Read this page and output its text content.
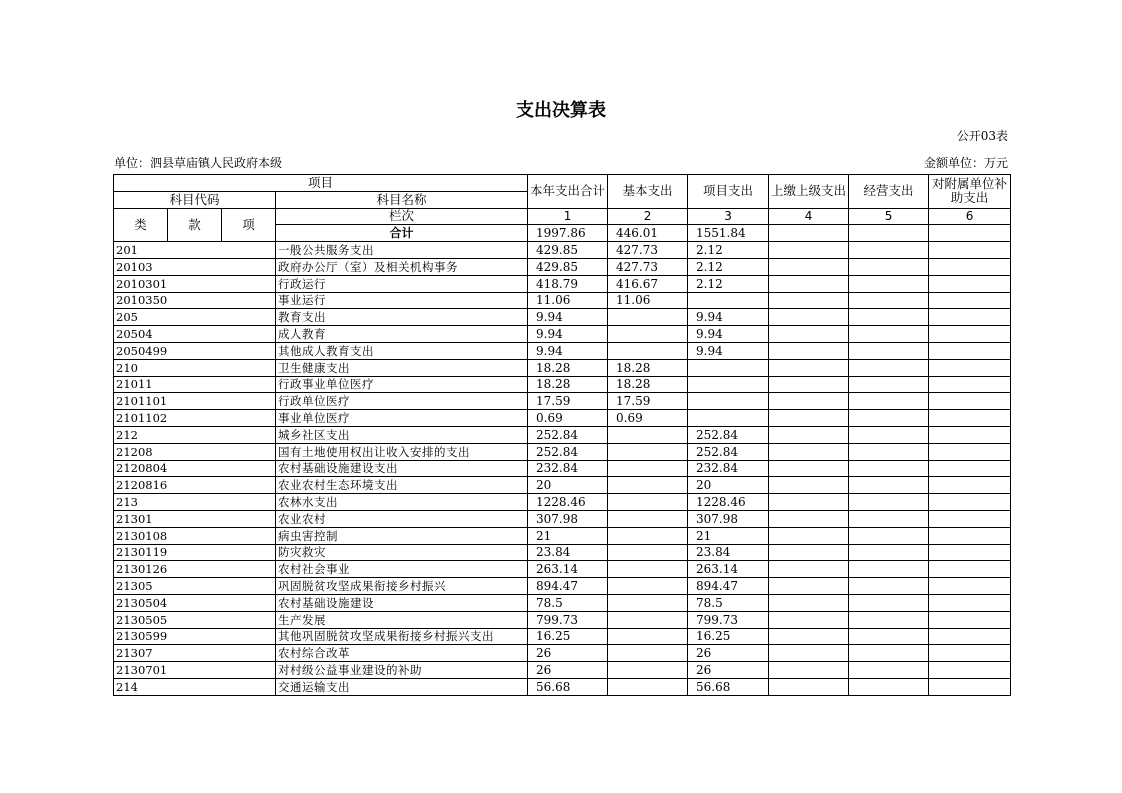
支出决算表
公开03表
单位：泗县草庙镇人民政府本级	金额单位：万元
项目				本年支出合计	基本支出	项目支出	上缴上级支出	经营支出	对附属单位补助支出
科目代码			科目名称						
类	款	项	栏次	1	2	3	4	5	6
			合计	1997.86	446.01	1551.84			
201			一般公共服务支出	429.85	427.73	2.12			
20103			政府办公厅（室）及相关机构事务	429.85	427.73	2.12			
2010301			行政运行	418.79	416.67	2.12			
2010350			事业运行	11.06	11.06				
205			教育支出	9.94		9.94			
20504			成人教育	9.94		9.94			
2050499			其他成人教育支出	9.94		9.94			
210			卫生健康支出	18.28	18.28				
21011			行政事业单位医疗	18.28	18.28				
2101101			行政单位医疗	17.59	17.59				
2101102			事业单位医疗	0.69	0.69				
212			城乡社区支出	252.84		252.84			
21208			国有土地使用权出让收入安排的支出	252.84		252.84			
2120804			农村基础设施建设支出	232.84		232.84			
2120816			农业农村生态环境支出	20		20			
213			农林水支出	1228.46		1228.46			
21301			农业农村	307.98		307.98			
2130108			病虫害控制	21		21			
2130119			防灾救灾	23.84		23.84			
2130126			农村社会事业	263.14		263.14			
21305			巩固脱贫攻坚成果衔接乡村振兴	894.47		894.47			
2130504			农村基础设施建设	78.5		78.5			
2130505			生产发展	799.73		799.73			
2130599			其他巩固脱贫攻坚成果衔接乡村振兴支出	16.25		16.25			
21307			农村综合改革	26		26			
2130701			对村级公益事业建设的补助	26		26			
214			交通运输支出	56.68		56.68			
